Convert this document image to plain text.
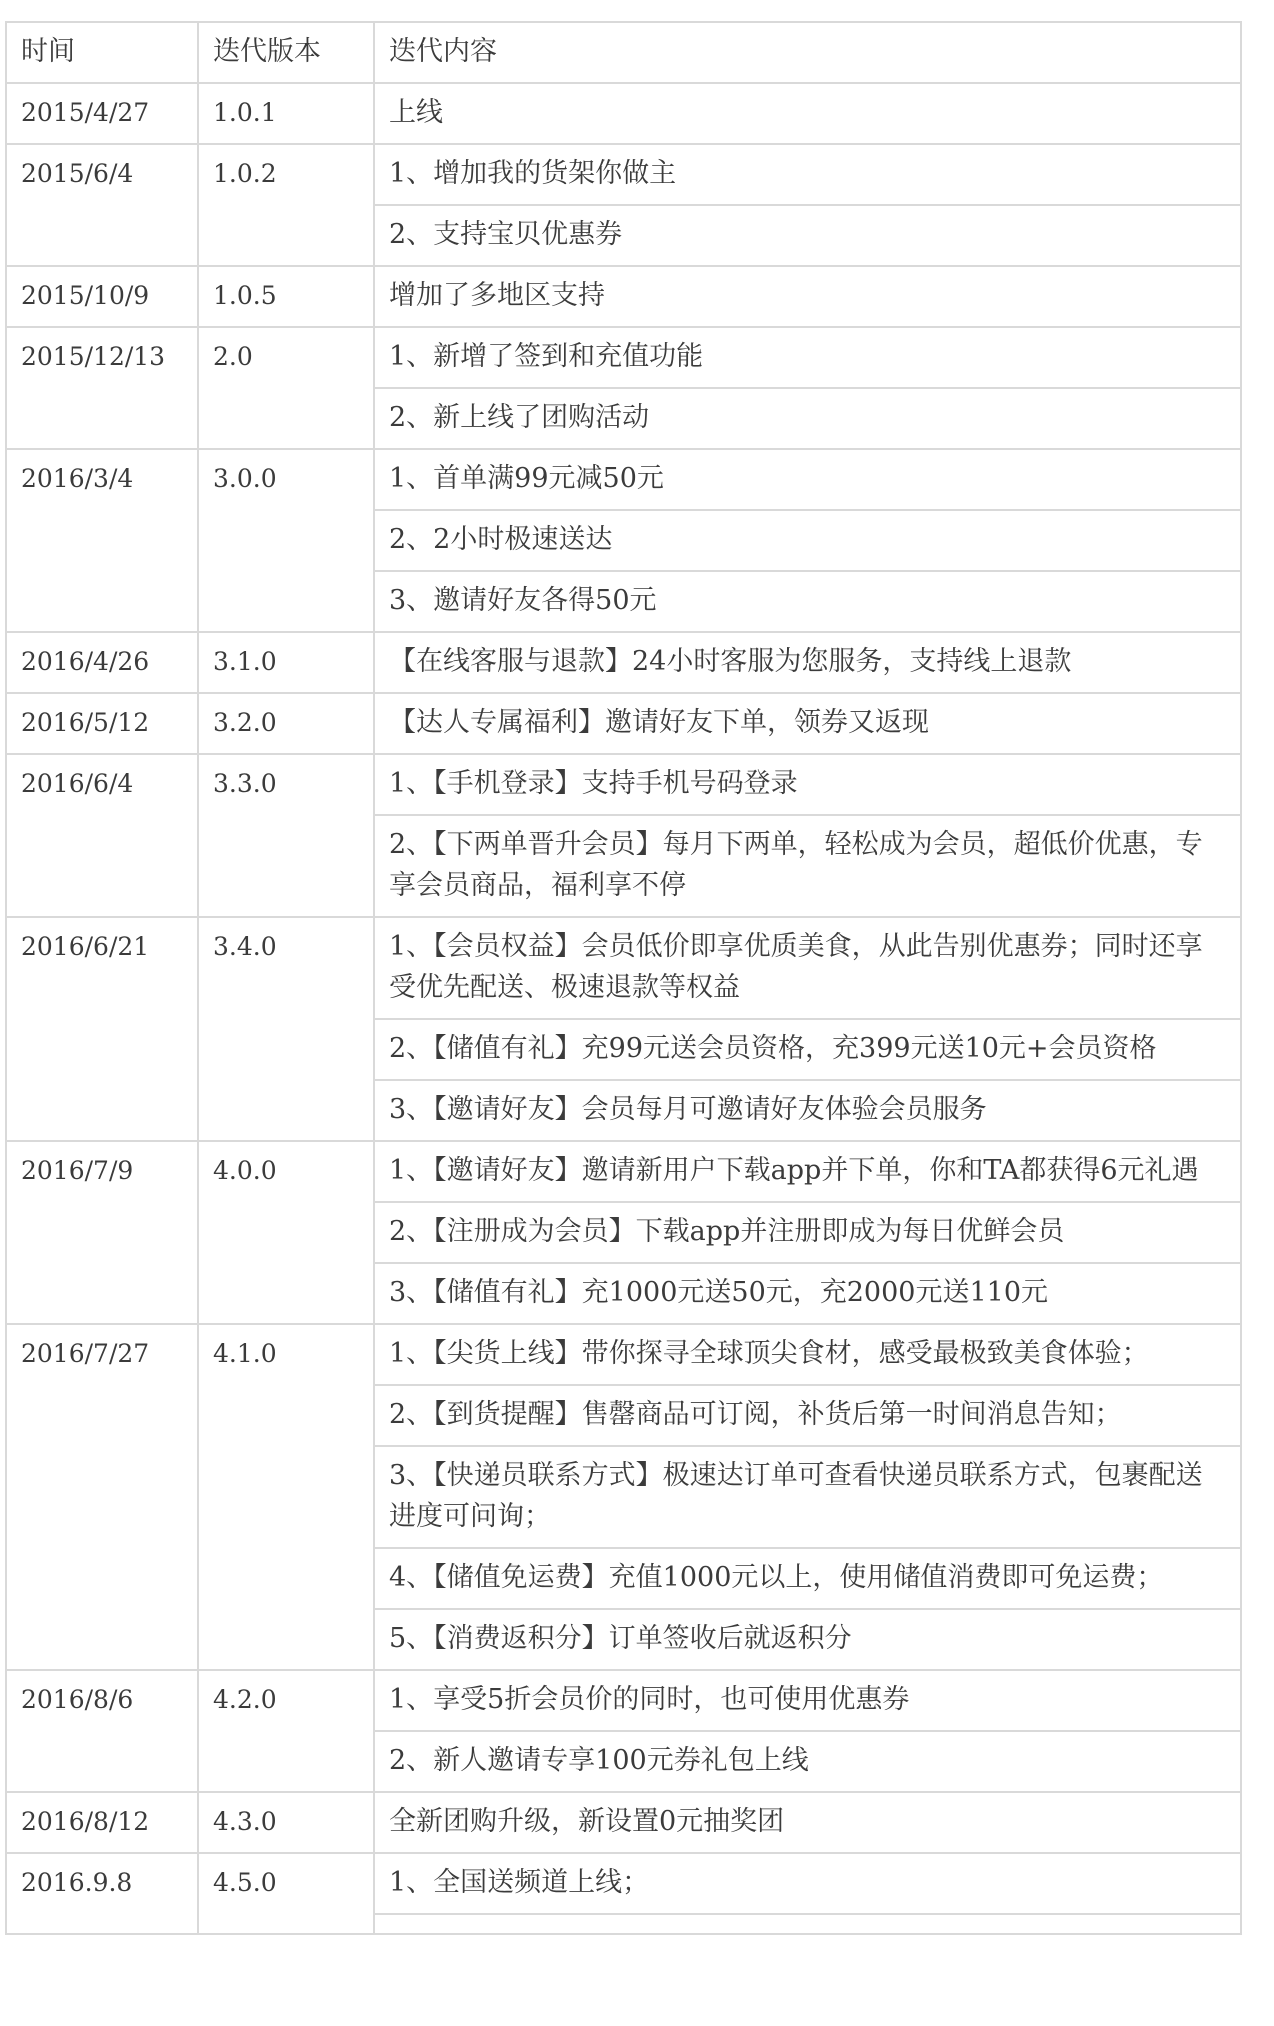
时间	迭代版本	迭代内容
2015/4/27	1.0.1	上线
2015/6/4	1.0.2	1、增加我的货架你做主
		2、支持宝贝优惠券
2015/10/9	1.0.5	增加了多地区支持
2015/12/13	2.0	1、新增了签到和充值功能
		2、新上线了团购活动
2016/3/4	3.0.0	1、首单满99元减50元
		2、2小时极速送达
		3、邀请好友各得50元
2016/4/26	3.1.0	【在线客服与退款】24小时客服为您服务，支持线上退款
2016/5/12	3.2.0	【达人专属福利】邀请好友下单，领券又返现
2016/6/4	3.3.0	1、【手机登录】支持手机号码登录
		2、【下两单晋升会员】每月下两单，轻松成为会员，超低价优惠，专享会员商品，福利享不停
2016/6/21	3.4.0	1、【会员权益】会员低价即享优质美食，从此告别优惠券；同时还享受优先配送、极速退款等权益
		2、【储值有礼】充99元送会员资格，充399元送10元+会员资格
		3、【邀请好友】会员每月可邀请好友体验会员服务
2016/7/9	4.0.0	1、【邀请好友】邀请新用户下载app并下单，你和TA都获得6元礼遇
		2、【注册成为会员】下载app并注册即成为每日优鲜会员
		3、【储值有礼】充1000元送50元，充2000元送110元
2016/7/27	4.1.0	1、【尖货上线】带你探寻全球顶尖食材，感受最极致美食体验；
		2、【到货提醒】售罄商品可订阅，补货后第一时间消息告知；
		3、【快递员联系方式】极速达订单可查看快递员联系方式，包裹配送进度可问询；
		4、【储值免运费】充值1000元以上，使用储值消费即可免运费；
		5、【消费返积分】订单签收后就返积分
2016/8/6	4.2.0	1、享受5折会员价的同时，也可使用优惠券
		2、新人邀请专享100元券礼包上线
2016/8/12	4.3.0	全新团购升级，新设置0元抽奖团
2016.9.8	4.5.0	1、全国送频道上线；
